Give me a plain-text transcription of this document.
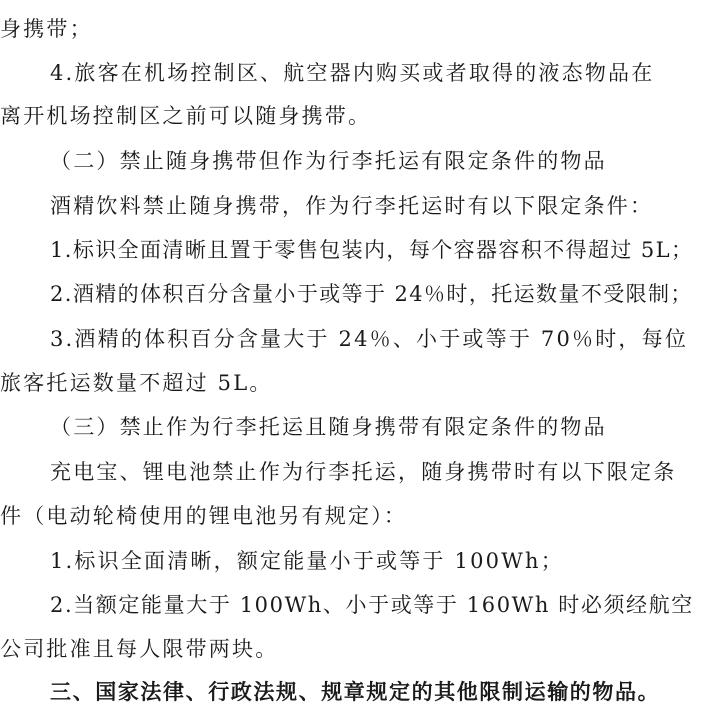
身携带；
4.旅客在机场控制区、航空器内购买或者取得的液态物品在
离开机场控制区之前可以随身携带。
（二）禁止随身携带但作为行李托运有限定条件的物品
酒精饮料禁止随身携带，作为行李托运时有以下限定条件：
1.标识全面清晰且置于零售包装内，每个容器容积不得超过 5L；
2.酒精的体积百分含量小于或等于 24％时，托运数量不受限制；
3.酒精的体积百分含量大于 24％、小于或等于 70％时，每位
旅客托运数量不超过 5L。
（三）禁止作为行李托运且随身携带有限定条件的物品
充电宝、锂电池禁止作为行李托运，随身携带时有以下限定条
件（电动轮椅使用的锂电池另有规定）：
1.标识全面清晰，额定能量小于或等于 100Wh；
2.当额定能量大于 100Wh、小于或等于 160Wh 时必须经航空
公司批准且每人限带两块。
三、国家法律、行政法规、规章规定的其他限制运输的物品。
